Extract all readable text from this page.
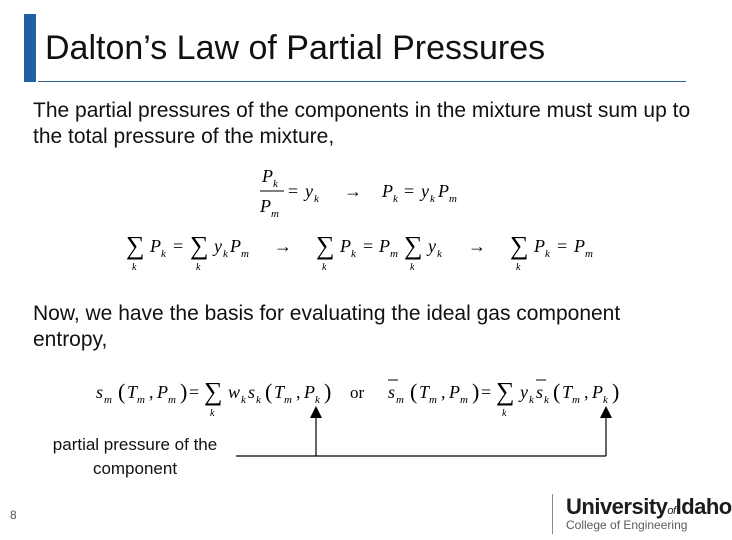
Dalton’s Law of Partial Pressures
The partial pressures of the components in the mixture must sum up to the total pressure of the mixture,
P k
P m
= y k → P k = y k P m
∑
k
P k = ∑
k
y k P m → ∑
k
P k = P m ∑
k
y k → ∑
k
P k = P m
Now, we have the basis for evaluating the ideal gas component entropy,
s m ( T m , P m ) = ∑
k
w k s k ( T m , P k ) or s m ( T m , P m ) = ∑
k
y k s k ( T m , P k )
partial pressure of the component
8	UniversityofIdaho
College of Engineering
